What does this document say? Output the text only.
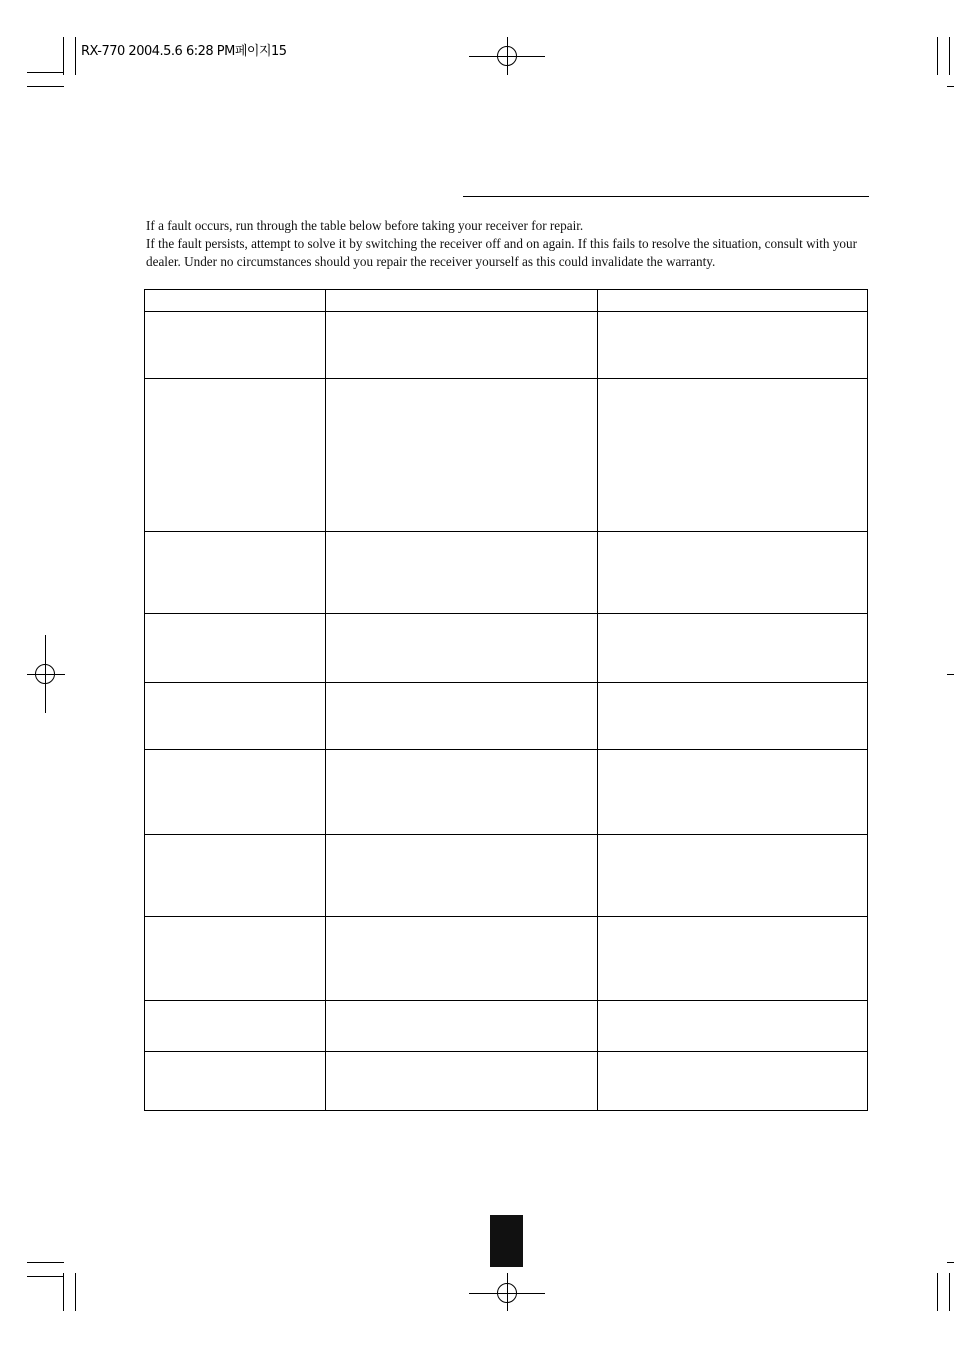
RX-770 2004.5.6 6:28 PM페이지15

If a fault occurs, run through the table below before taking your receiver for repair.

If the fault persists, attempt to solve it by switching the receiver off and on again. If this fails to resolve the situation, consult with your dealer. Under no circumstances should you repair the receiver yourself as this could invalidate the warranty.
